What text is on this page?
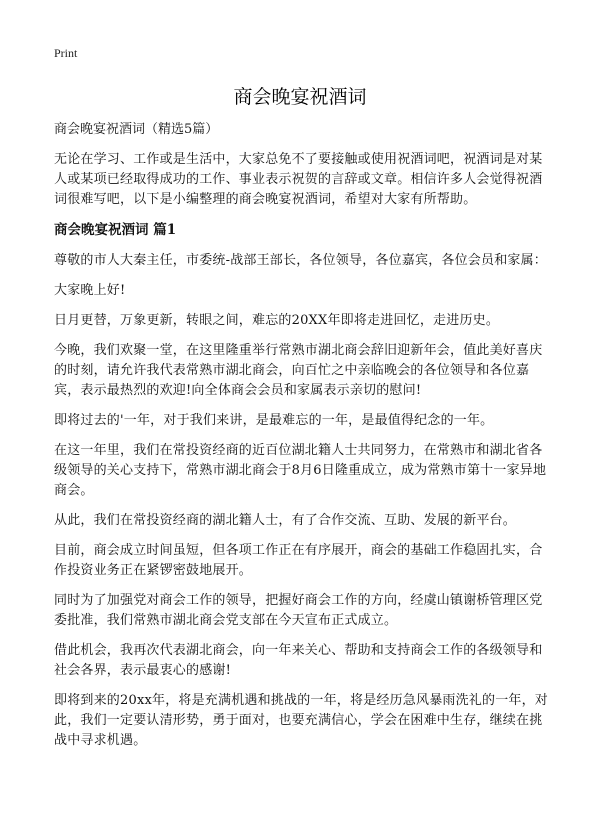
Print
商会晚宴祝酒词
商会晚宴祝酒词（精选5篇）

无论在学习、工作或是生活中，大家总免不了要接触或使用祝酒词吧，祝酒词是对某人或某项已经取得成功的工作、事业表示祝贺的言辞或文章。相信许多人会觉得祝酒词很难写吧，以下是小编整理的商会晚宴祝酒词，希望对大家有所帮助。

商会晚宴祝酒词 篇1

尊敬的市人大秦主任，市委统-战部王部长，各位领导，各位嘉宾，各位会员和家属：

大家晚上好!

日月更替，万象更新，转眼之间，难忘的20XX年即将走进回忆，走进历史。

今晚，我们欢聚一堂，在这里隆重举行常熟市湖北商会辞旧迎新年会，值此美好喜庆的时刻，请允许我代表常熟市湖北商会，向百忙之中亲临晚会的各位领导和各位嘉宾，表示最热烈的欢迎!向全体商会会员和家属表示亲切的慰问!

即将过去的'一年，对于我们来讲，是最难忘的一年，是最值得纪念的一年。

在这一年里，我们在常投资经商的近百位湖北籍人士共同努力，在常熟市和湖北省各级领导的关心支持下，常熟市湖北商会于8月6日隆重成立，成为常熟市第十一家异地商会。

从此，我们在常投资经商的湖北籍人士，有了合作交流、互助、发展的新平台。

目前，商会成立时间虽短，但各项工作正在有序展开，商会的基础工作稳固扎实，合作投资业务正在紧锣密鼓地展开。

同时为了加强党对商会工作的领导，把握好商会工作的方向，经虞山镇谢桥管理区党委批准，我们常熟市湖北商会党支部在今天宣布正式成立。

借此机会，我再次代表湖北商会，向一年来关心、帮助和支持商会工作的各级领导和社会各界，表示最衷心的感谢!

即将到来的20xx年，将是充满机遇和挑战的一年，将是经历急风暴雨洗礼的一年，对此，我们一定要认清形势，勇于面对，也要充满信心，学会在困难中生存，继续在挑战中寻求机遇。
